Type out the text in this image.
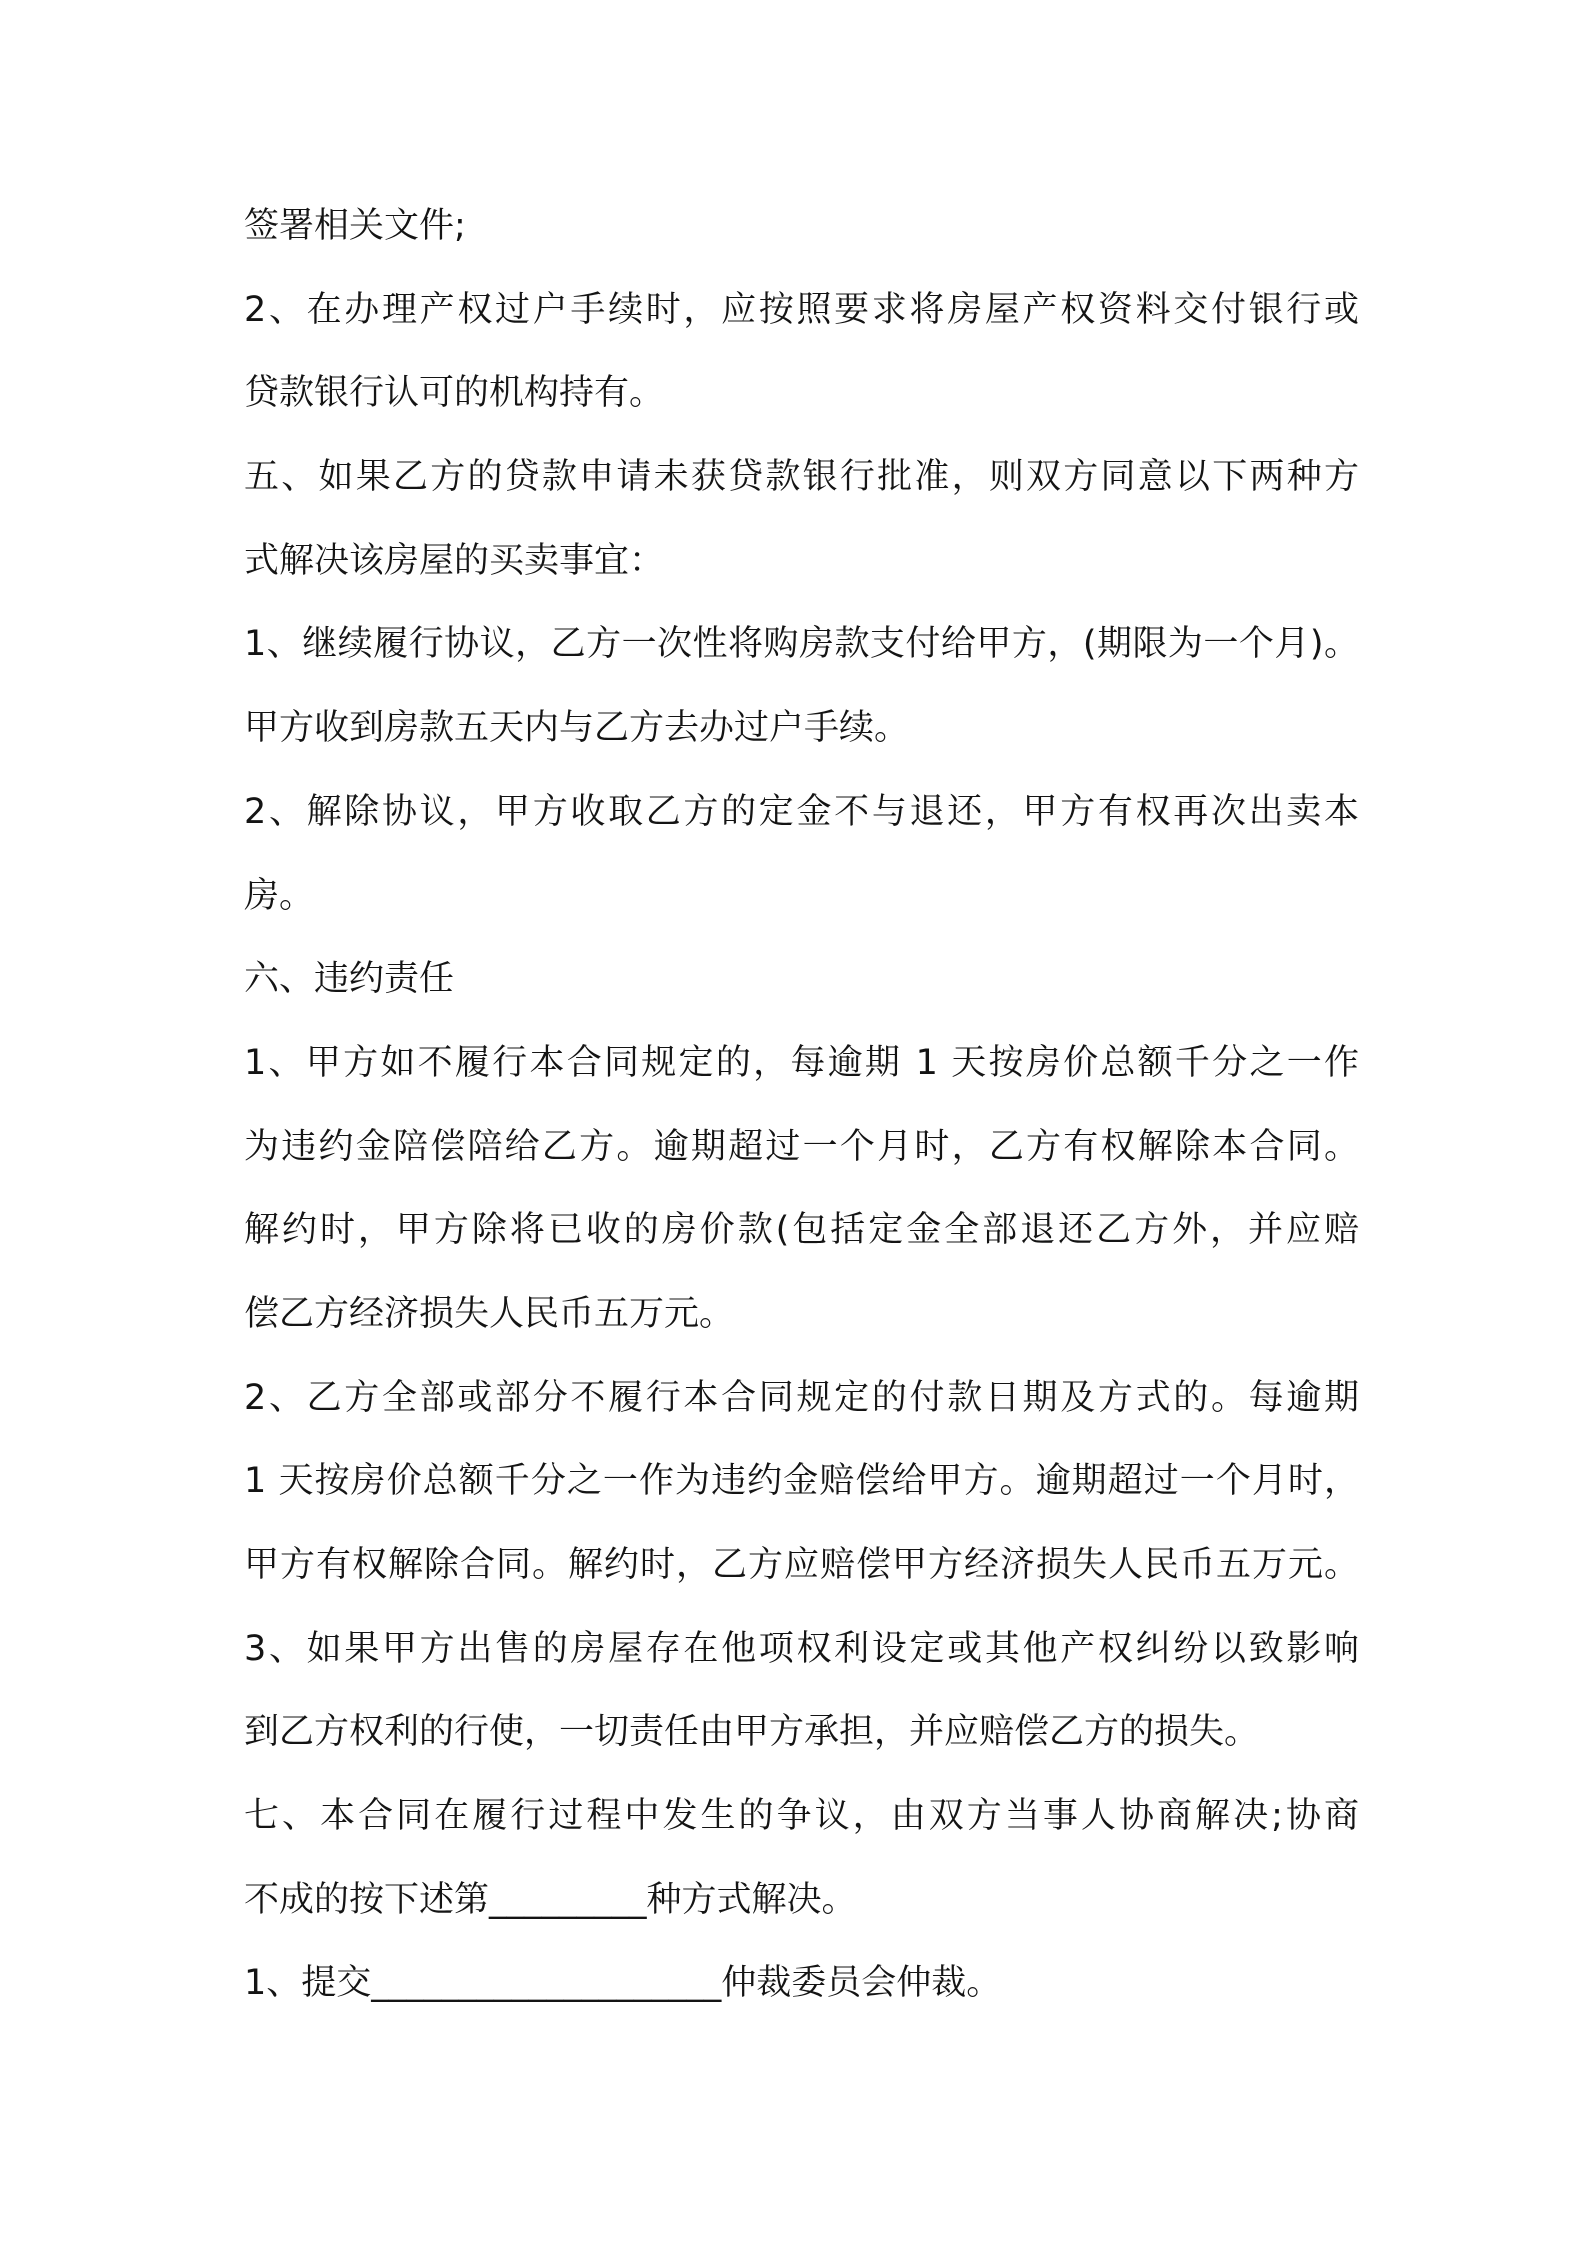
签署相关文件;
2、在办理产权过户手续时，应按照要求将房屋产权资料交付银行或
贷款银行认可的机构持有。
五、如果乙方的贷款申请未获贷款银行批准，则双方同意以下两种方
式解决该房屋的买卖事宜：
1、继续履行协议，乙方一次性将购房款支付给甲方，(期限为一个月)。
甲方收到房款五天内与乙方去办过户手续。
2、解除协议，甲方收取乙方的定金不与退还，甲方有权再次出卖本
房。
六、违约责任
1、甲方如不履行本合同规定的，每逾期 1 天按房价总额千分之一作
为违约金陪偿陪给乙方。逾期超过一个月时，乙方有权解除本合同。
解约时，甲方除将已收的房价款(包括定金全部退还乙方外，并应赔
偿乙方经济损失人民币五万元。
2、乙方全部或部分不履行本合同规定的付款日期及方式的。每逾期
1 天按房价总额千分之一作为违约金赔偿给甲方。逾期超过一个月时，
甲方有权解除合同。解约时，乙方应赔偿甲方经济损失人民币五万元。
3、如果甲方出售的房屋存在他项权利设定或其他产权纠纷以致影响
到乙方权利的行使，一切责任由甲方承担，并应赔偿乙方的损失。
七、本合同在履行过程中发生的争议，由双方当事人协商解决;协商
不成的按下述第_________种方式解决。
1、提交____________________仲裁委员会仲裁。
